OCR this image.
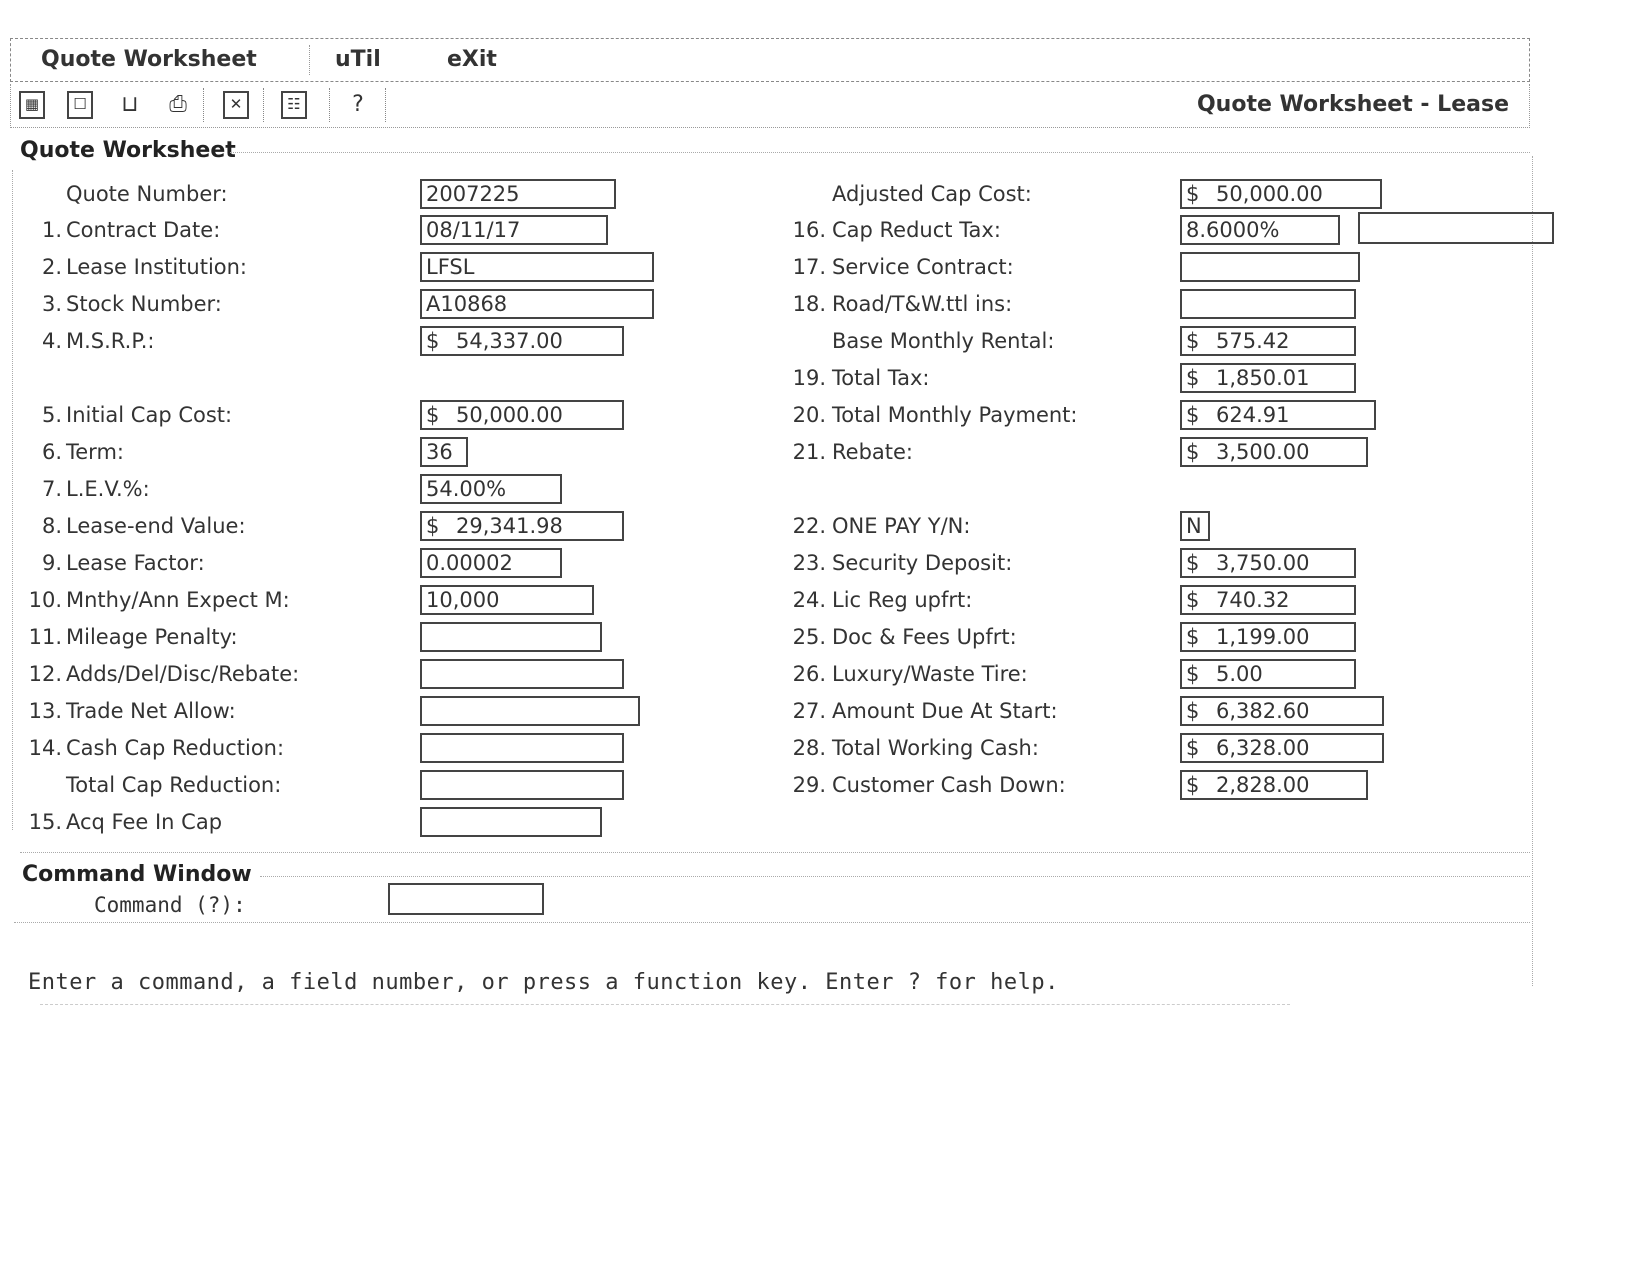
Quote Worksheet	uTil	eXit
▦	☐ ⊔ ⎙	✕	☷	?	Quote Worksheet - Lease
Quote Worksheet
Quote Number:	2007225
1. Contract Date:	08/11/17
2. Lease Institution:	LFSL
3. Stock Number:	A10868
4. M.S.R.P.:	$ 54,337.00
5. Initial Cap Cost:	$ 50,000.00
6. Term:	36
7. L.E.V.%:	54.00%
8. Lease-end Value:	$ 29,341.98
9. Lease Factor:	0.00002
10. Mnthy/Ann Expect M:	10,000
11. Mileage Penalty:
12. Adds/Del/Disc/Rebate:
13. Trade Net Allow:
14. Cash Cap Reduction:
Total Cap Reduction:
15. Acq Fee In Cap
Adjusted Cap Cost:	$ 50,000.00
16. Cap Reduct Tax:	8.6000%
17. Service Contract:
18. Road/T&W.ttl ins:
Base Monthly Rental:	$ 575.42
19. Total Tax:	$ 1,850.01
20. Total Monthly Payment:	$ 624.91
21. Rebate:	$ 3,500.00
22. ONE PAY Y/N:	N
23. Security Deposit:	$ 3,750.00
24. Lic Reg upfrt:	$ 740.32
25. Doc & Fees Upfrt:	$ 1,199.00
26. Luxury/Waste Tire:	$ 5.00
27. Amount Due At Start:	$ 6,382.60
28. Total Working Cash:	$ 6,328.00
29. Customer Cash Down:	$ 2,828.00
Command Window
Command (?):
Enter a command, a field number, or press a function key. Enter ? for help.
